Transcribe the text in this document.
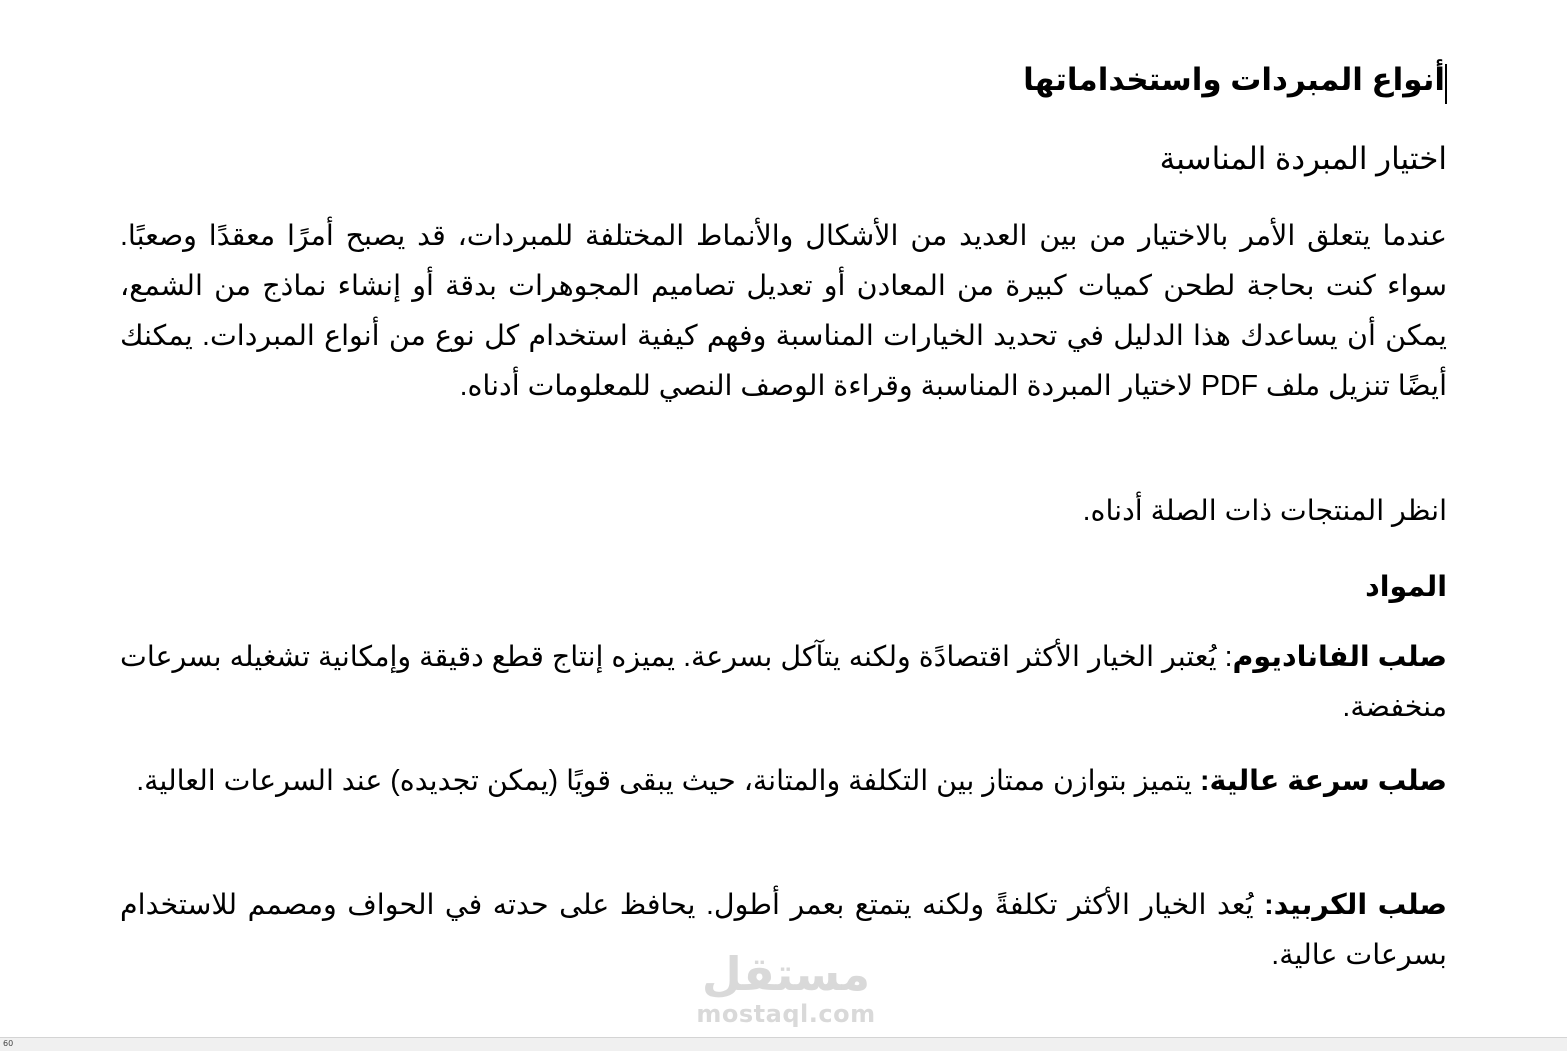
أنواع المبردات واستخداماتها
اختيار المبردة المناسبة

عندما يتعلق الأمر بالاختيار من بين العديد من الأشكال والأنماط المختلفة للمبردات، قد يصبح أمرًا معقدًا وصعبًا. سواء كنت بحاجة لطحن كميات كبيرة من المعادن أو تعديل تصاميم المجوهرات بدقة أو إنشاء نماذج من الشمع، يمكن أن يساعدك هذا الدليل في تحديد الخيارات المناسبة وفهم كيفية استخدام كل نوع من أنواع المبردات. يمكنك أيضًا تنزيل ملف PDF لاختيار المبردة المناسبة وقراءة الوصف النصي للمعلومات أدناه.

انظر المنتجات ذات الصلة أدناه.

المواد

صلب الفاناديوم: يُعتبر الخيار الأكثر اقتصادًة ولكنه يتآكل بسرعة. يميزه إنتاج قطع دقيقة وإمكانية تشغيله بسرعات منخفضة.

صلب سرعة عالية: يتميز بتوازن ممتاز بين التكلفة والمتانة، حيث يبقى قويًا (يمكن تجديده) عند السرعات العالية.

صلب الكربيد: يُعد الخيار الأكثر تكلفةً ولكنه يتمتع بعمر أطول. يحافظ على حدته في الحواف ومصمم للاستخدام بسرعات عالية.

مستقل
mostaql.com
60
